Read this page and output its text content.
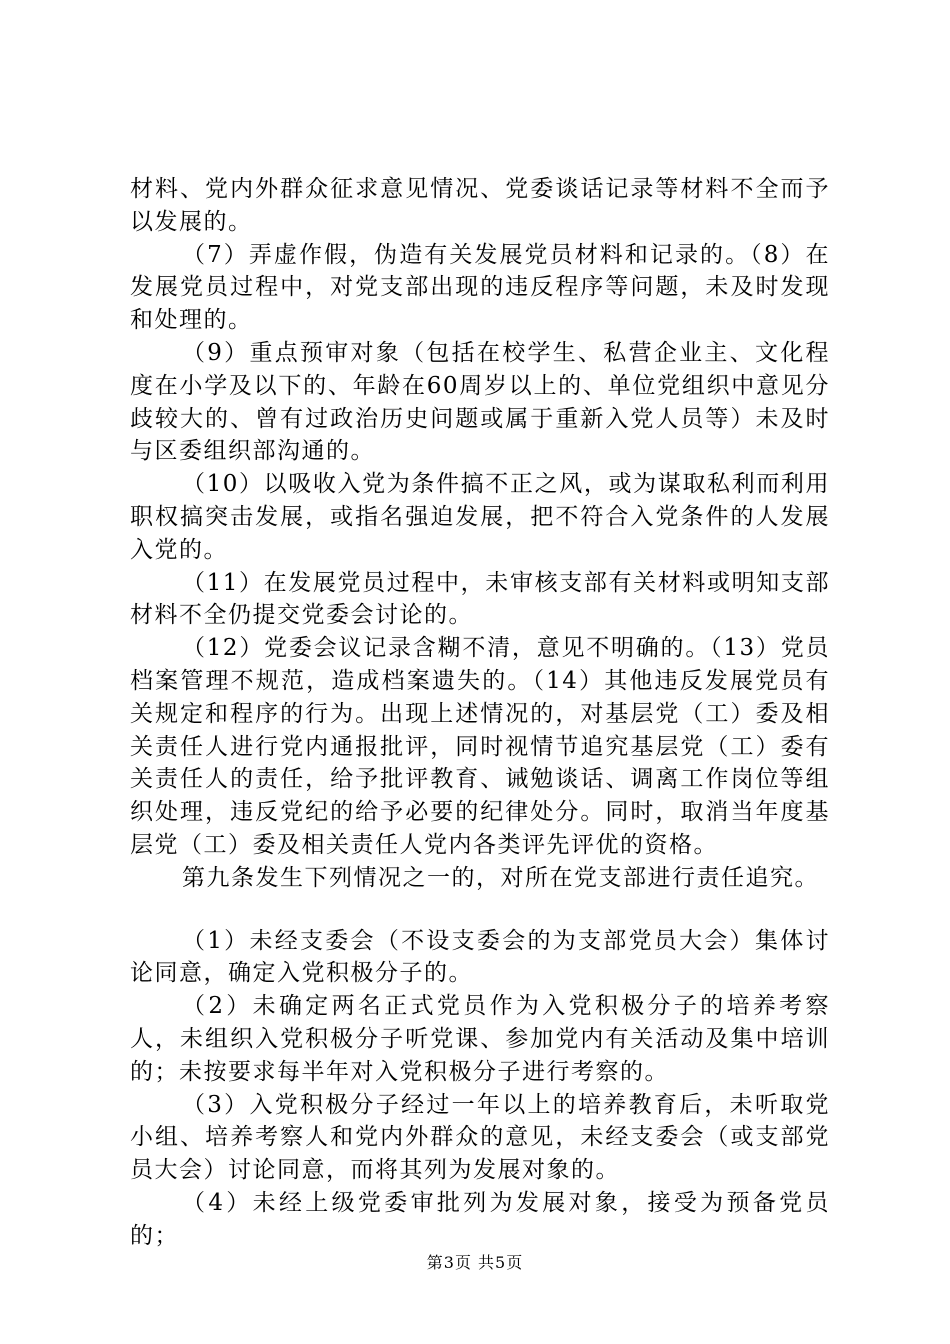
材料、党内外群众征求意见情况、党委谈话记录等材料不全而予以发展的。

（7）弄虚作假，伪造有关发展党员材料和记录的。（8）在发展党员过程中，对党支部出现的违反程序等问题，未及时发现和处理的。

（9）重点预审对象（包括在校学生、私营企业主、文化程度在小学及以下的、年龄在60周岁以上的、单位党组织中意见分歧较大的、曾有过政治历史问题或属于重新入党人员等）未及时与区委组织部沟通的。

（10）以吸收入党为条件搞不正之风，或为谋取私利而利用职权搞突击发展，或指名强迫发展，把不符合入党条件的人发展入党的。

（11）在发展党员过程中，未审核支部有关材料或明知支部材料不全仍提交党委会讨论的。

（12）党委会议记录含糊不清，意见不明确的。（13）党员档案管理不规范，造成档案遗失的。（14）其他违反发展党员有关规定和程序的行为。出现上述情况的，对基层党（工）委及相关责任人进行党内通报批评，同时视情节追究基层党（工）委有关责任人的责任，给予批评教育、诫勉谈话、调离工作岗位等组织处理，违反党纪的给予必要的纪律处分。同时，取消当年度基层党（工）委及相关责任人党内各类评先评优的资格。

第九条发生下列情况之一的，对所在党支部进行责任追究。

（1）未经支委会（不设支委会的为支部党员大会）集体讨论同意，确定入党积极分子的。

（2）未确定两名正式党员作为入党积极分子的培养考察人，未组织入党积极分子听党课、参加党内有关活动及集中培训的；未按要求每半年对入党积极分子进行考察的。

（3）入党积极分子经过一年以上的培养教育后，未听取党小组、培养考察人和党内外群众的意见，未经支委会（或支部党员大会）讨论同意，而将其列为发展对象的。

（4）未经上级党委审批列为发展对象，接受为预备党员的；

第3页 共5页
